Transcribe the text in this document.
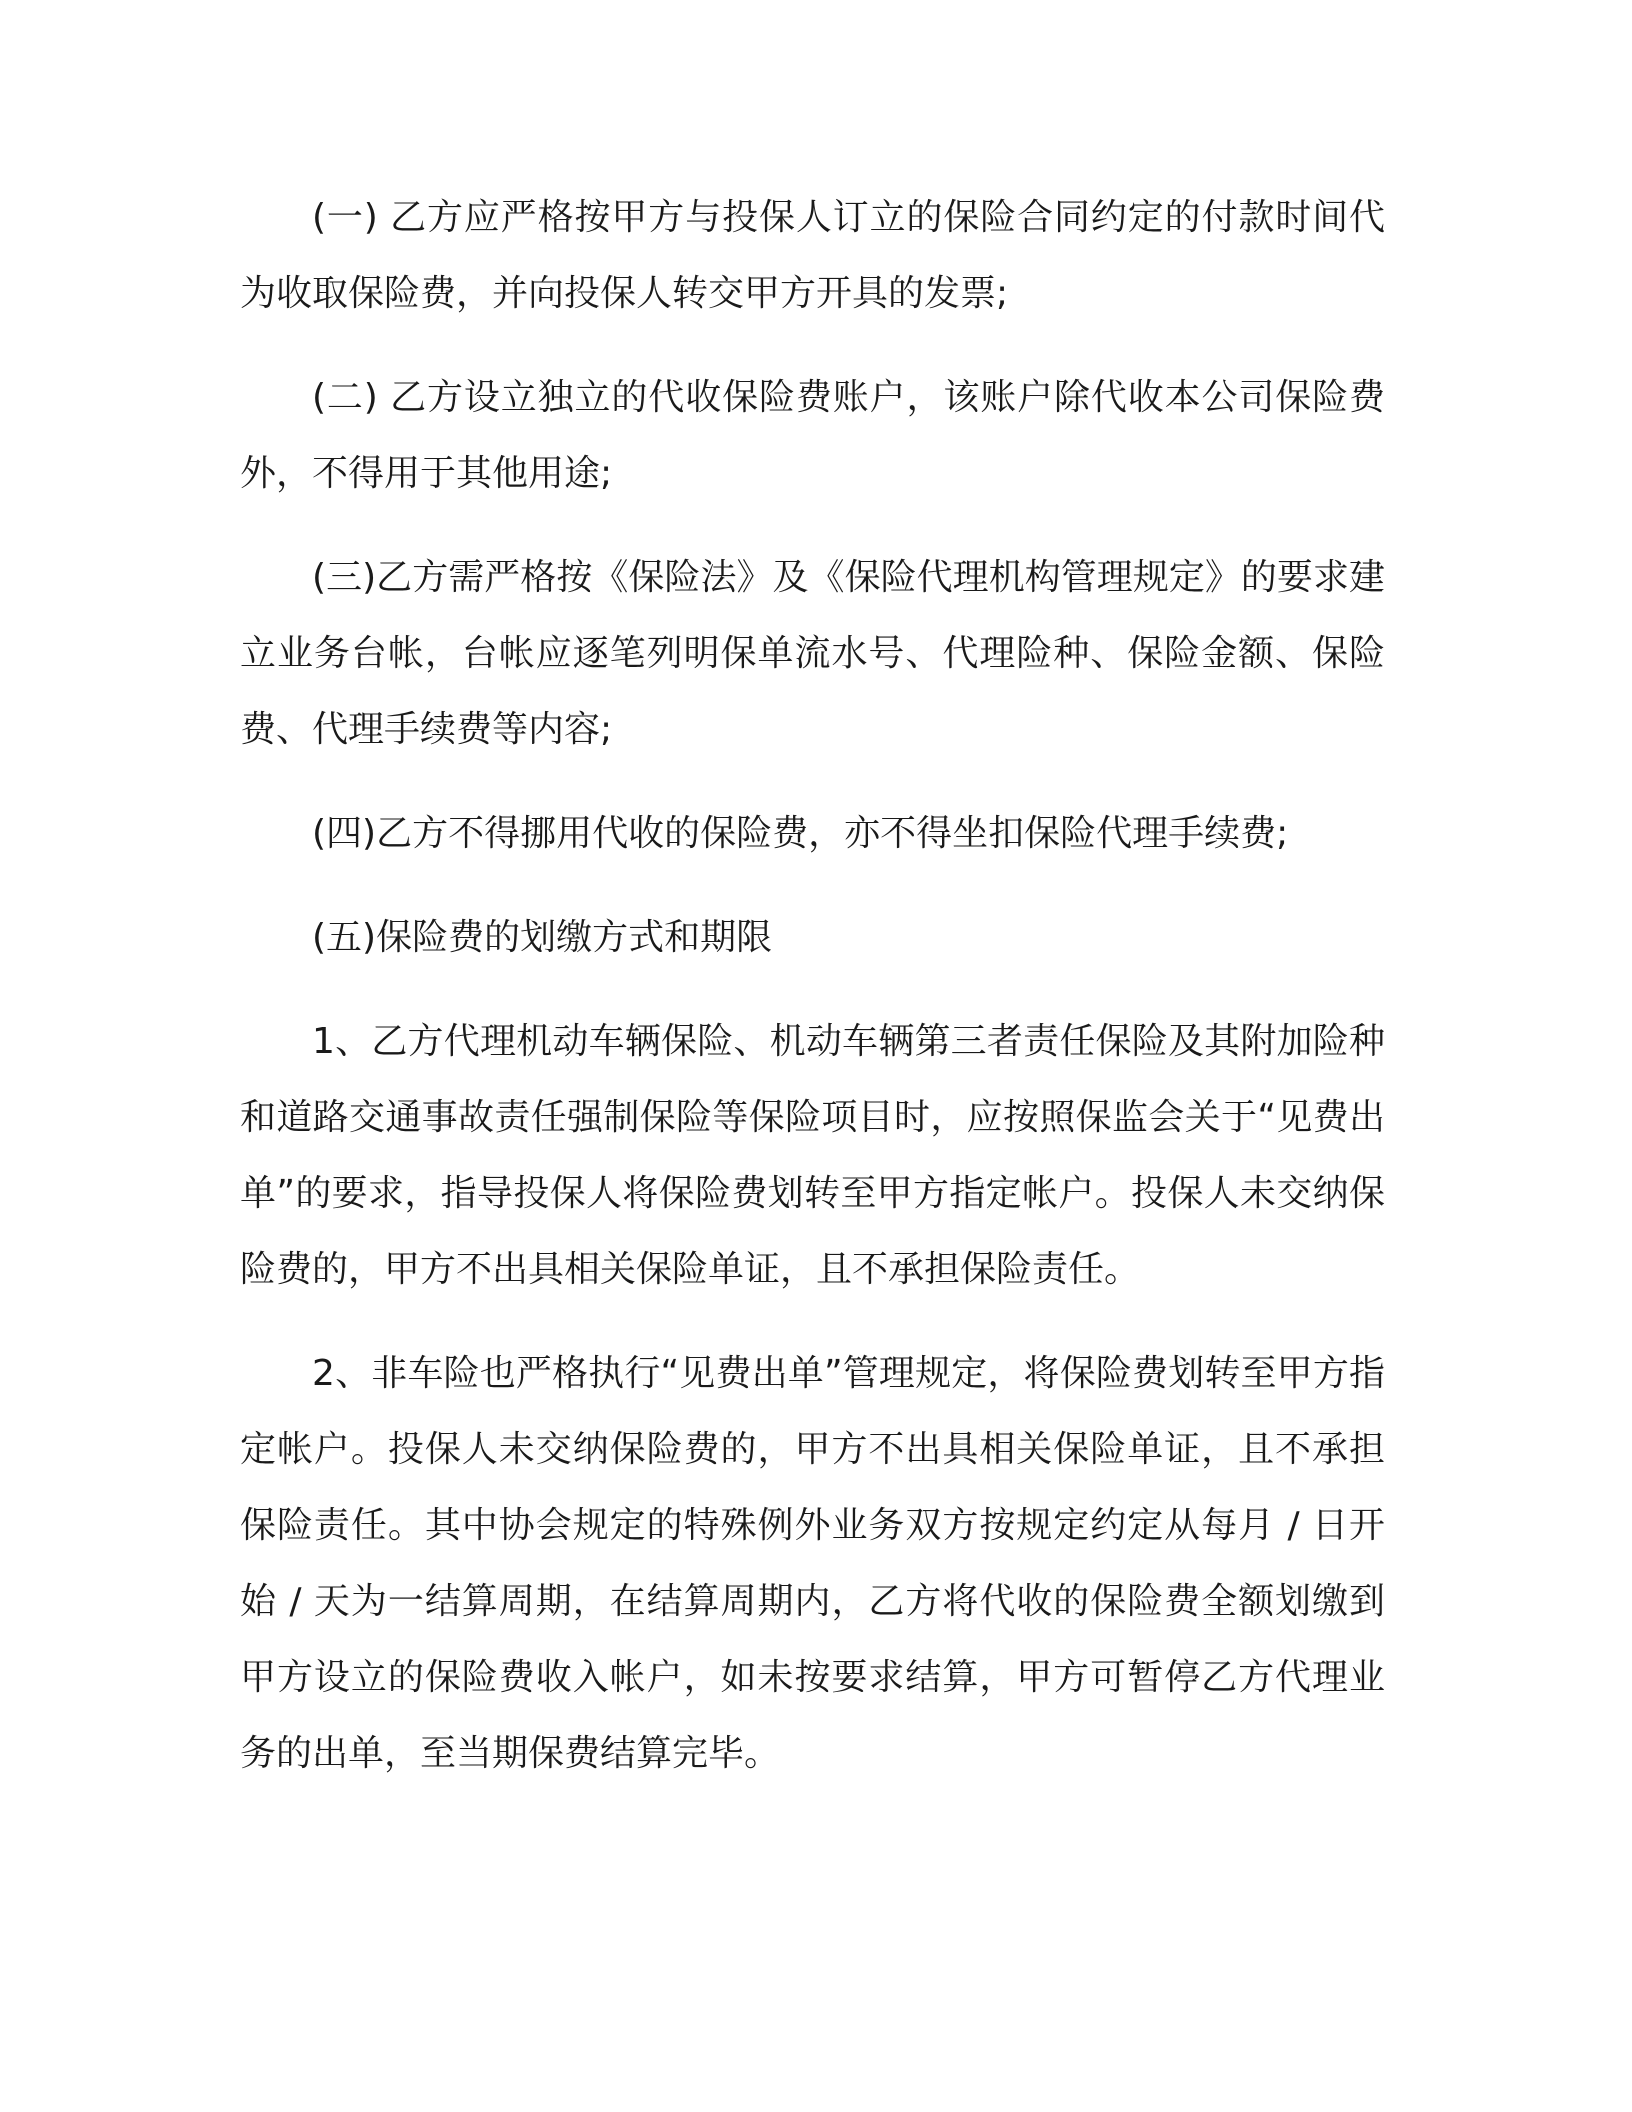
(一) 乙方应严格按甲方与投保人订立的保险合同约定的付款时间代为收取保险费，并向投保人转交甲方开具的发票;

(二) 乙方设立独立的代收保险费账户，该账户除代收本公司保险费外，不得用于其他用途;

(三)乙方需严格按《保险法》及《保险代理机构管理规定》的要求建立业务台帐，台帐应逐笔列明保单流水号、代理险种、保险金额、保险费、代理手续费等内容;

(四)乙方不得挪用代收的保险费，亦不得坐扣保险代理手续费;

(五)保险费的划缴方式和期限

1、乙方代理机动车辆保险、机动车辆第三者责任保险及其附加险种和道路交通事故责任强制保险等保险项目时，应按照保监会关于“见费出单”的要求，指导投保人将保险费划转至甲方指定帐户。投保人未交纳保险费的，甲方不出具相关保险单证，且不承担保险责任。

2、非车险也严格执行“见费出单”管理规定，将保险费划转至甲方指定帐户。投保人未交纳保险费的，甲方不出具相关保险单证，且不承担保险责任。其中协会规定的特殊例外业务双方按规定约定从每月 / 日开始 / 天为一结算周期，在结算周期内，乙方将代收的保险费全额划缴到甲方设立的保险费收入帐户，如未按要求结算，甲方可暂停乙方代理业务的出单，至当期保费结算完毕。
